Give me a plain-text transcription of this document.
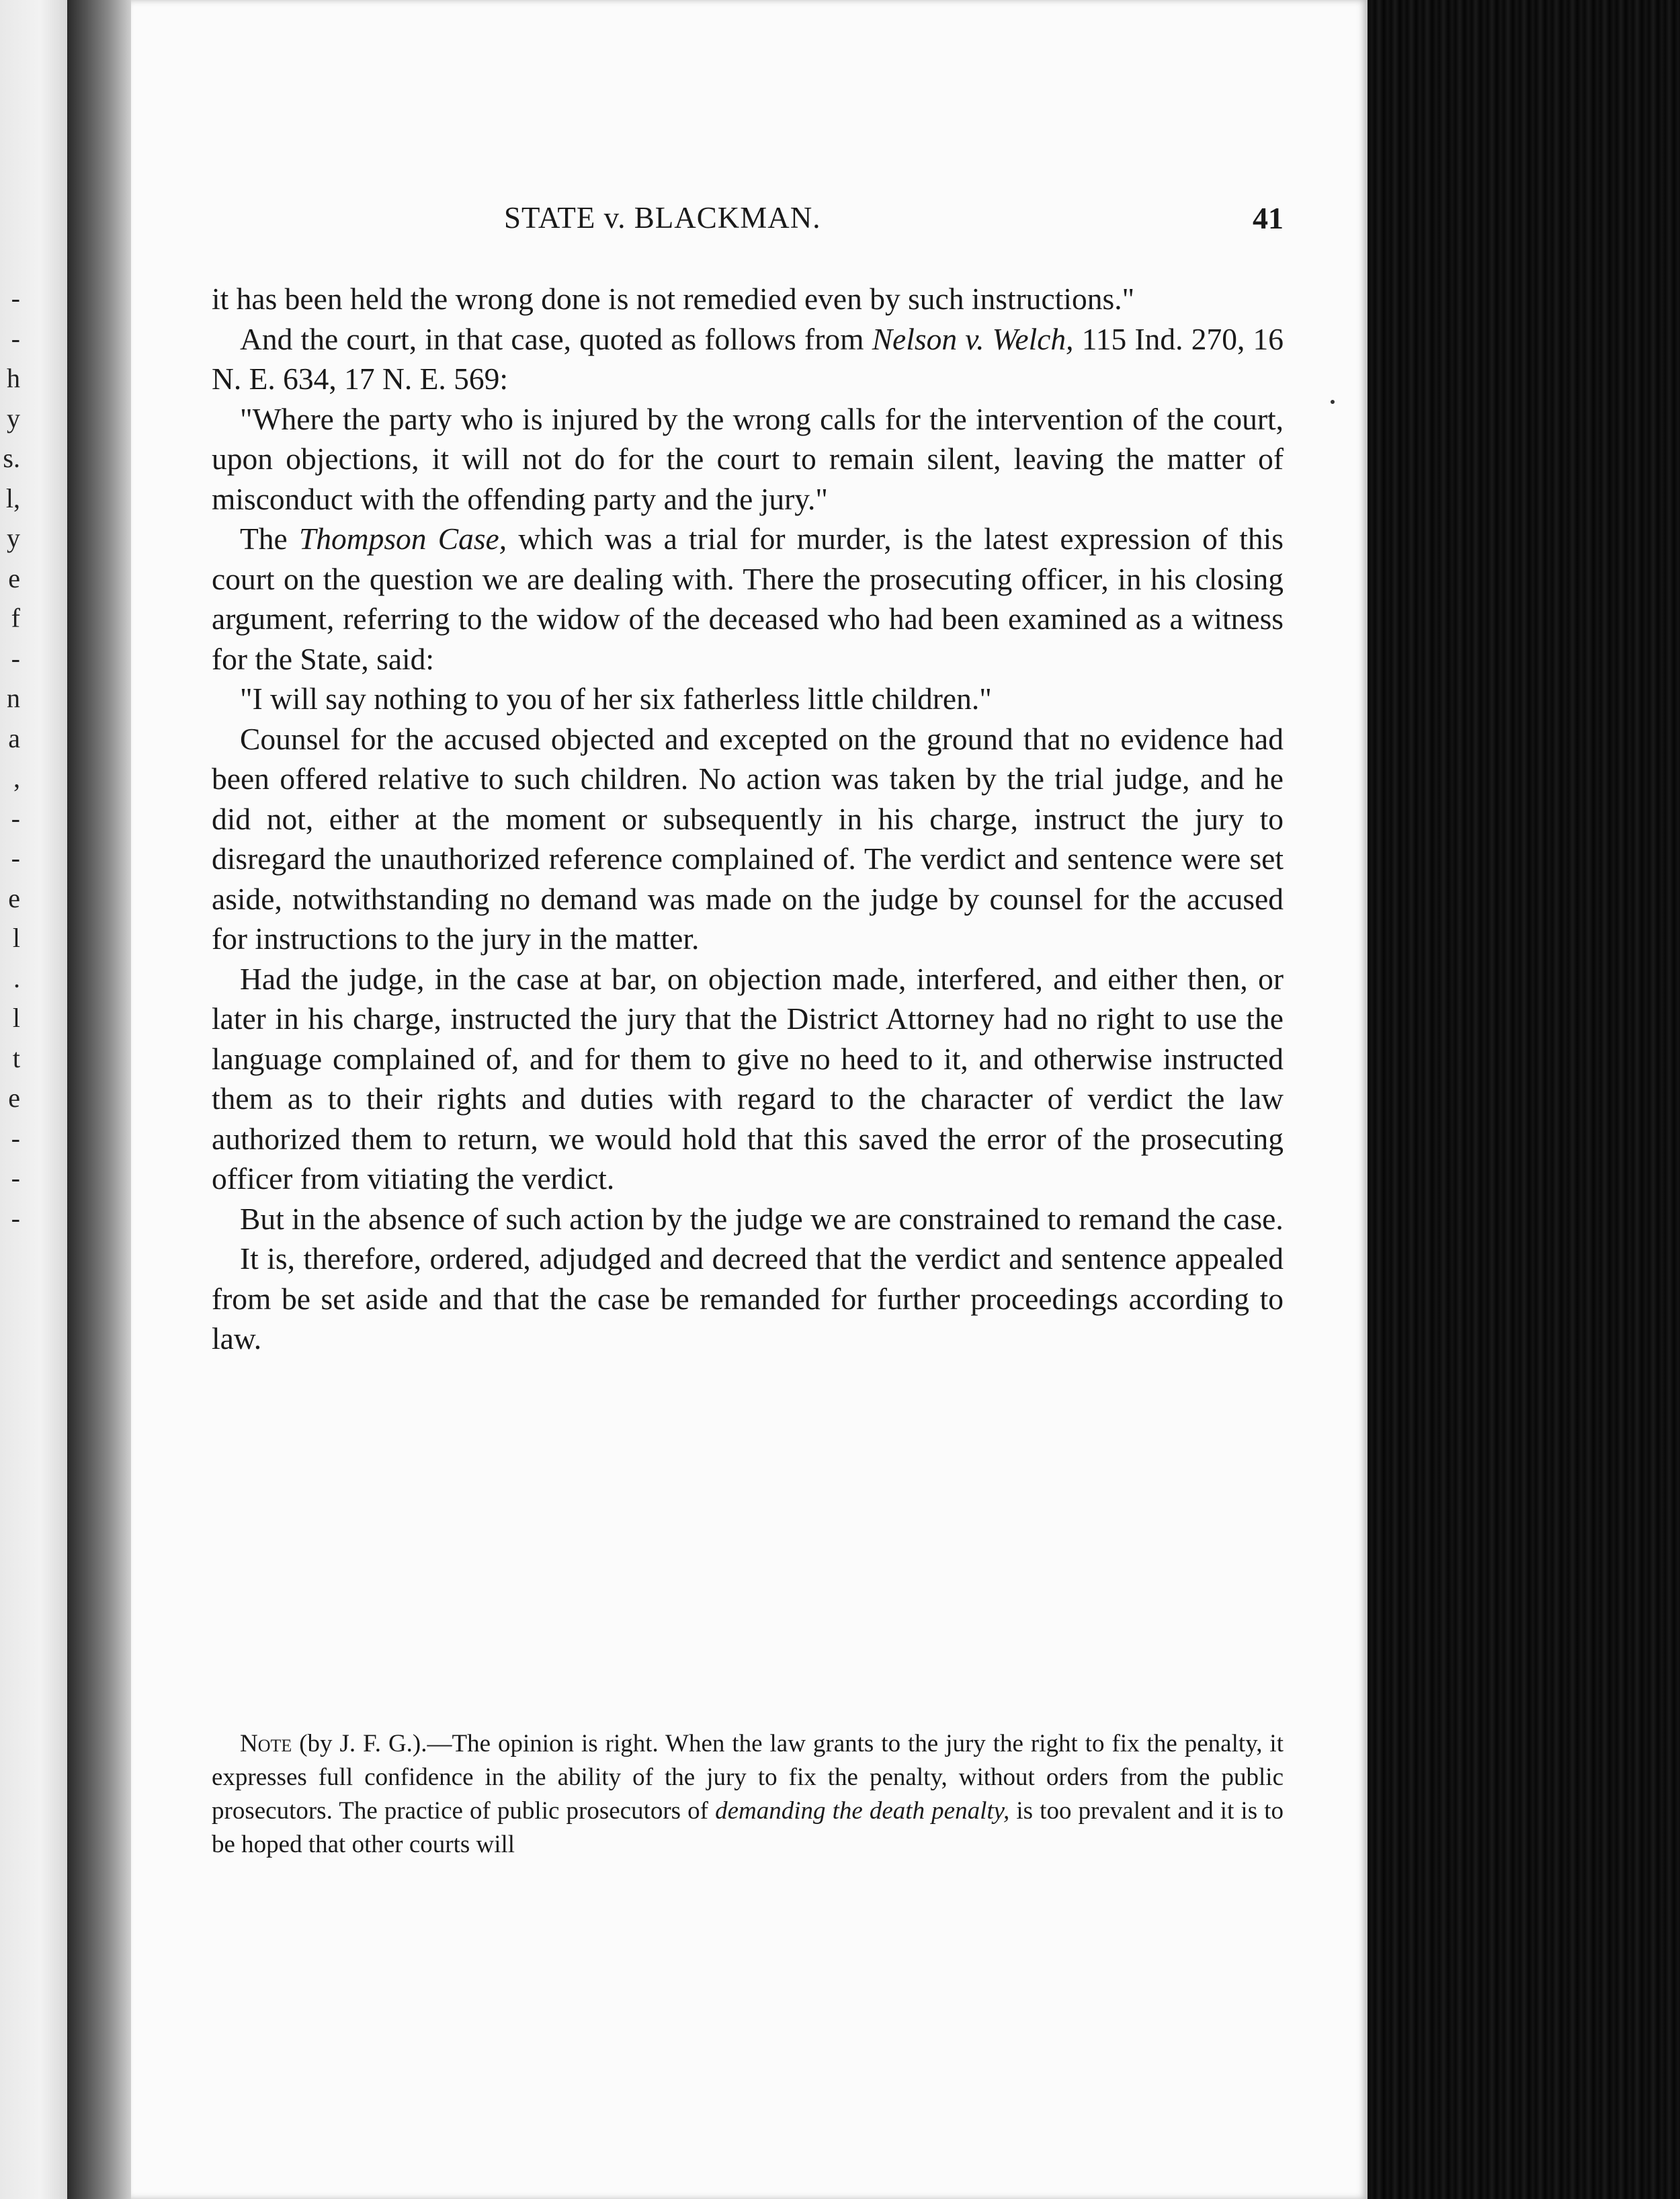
-
-
h
y
s.
l,
y
e
f
-
n
a
,
-
-
e
l
.
l
t
e
-
-
-
STATE v. BLACKMAN.	41

it has been held the wrong done is not remedied even by such instructions."

And the court, in that case, quoted as follows from Nelson v. Welch, 115 Ind. 270, 16 N. E. 634, 17 N. E. 569:

"Where the party who is injured by the wrong calls for the intervention of the court, upon objections, it will not do for the court to remain silent, leaving the matter of misconduct with the offending party and the jury."

The Thompson Case, which was a trial for murder, is the latest expression of this court on the question we are dealing with. There the prosecuting officer, in his closing argument, referring to the widow of the deceased who had been examined as a witness for the State, said:

"I will say nothing to you of her six fatherless little children."

Counsel for the accused objected and excepted on the ground that no evidence had been offered relative to such children. No action was taken by the trial judge, and he did not, either at the moment or subsequently in his charge, instruct the jury to disregard the unauthorized reference complained of. The verdict and sentence were set aside, notwithstanding no demand was made on the judge by counsel for the accused for instructions to the jury in the matter.

Had the judge, in the case at bar, on objection made, interfered, and either then, or later in his charge, instructed the jury that the District Attorney had no right to use the language complained of, and for them to give no heed to it, and otherwise instructed them as to their rights and duties with regard to the character of verdict the law authorized them to return, we would hold that this saved the error of the prosecuting officer from vitiating the verdict.

But in the absence of such action by the judge we are constrained to remand the case.

It is, therefore, ordered, adjudged and decreed that the verdict and sentence appealed from be set aside and that the case be remanded for further proceedings according to law.

Note (by J. F. G.).—The opinion is right. When the law grants to the jury the right to fix the penalty, it expresses full confidence in the ability of the jury to fix the penalty, without orders from the public prosecutors. The practice of public prosecutors of demanding the death penalty, is too prevalent and it is to be hoped that other courts will
